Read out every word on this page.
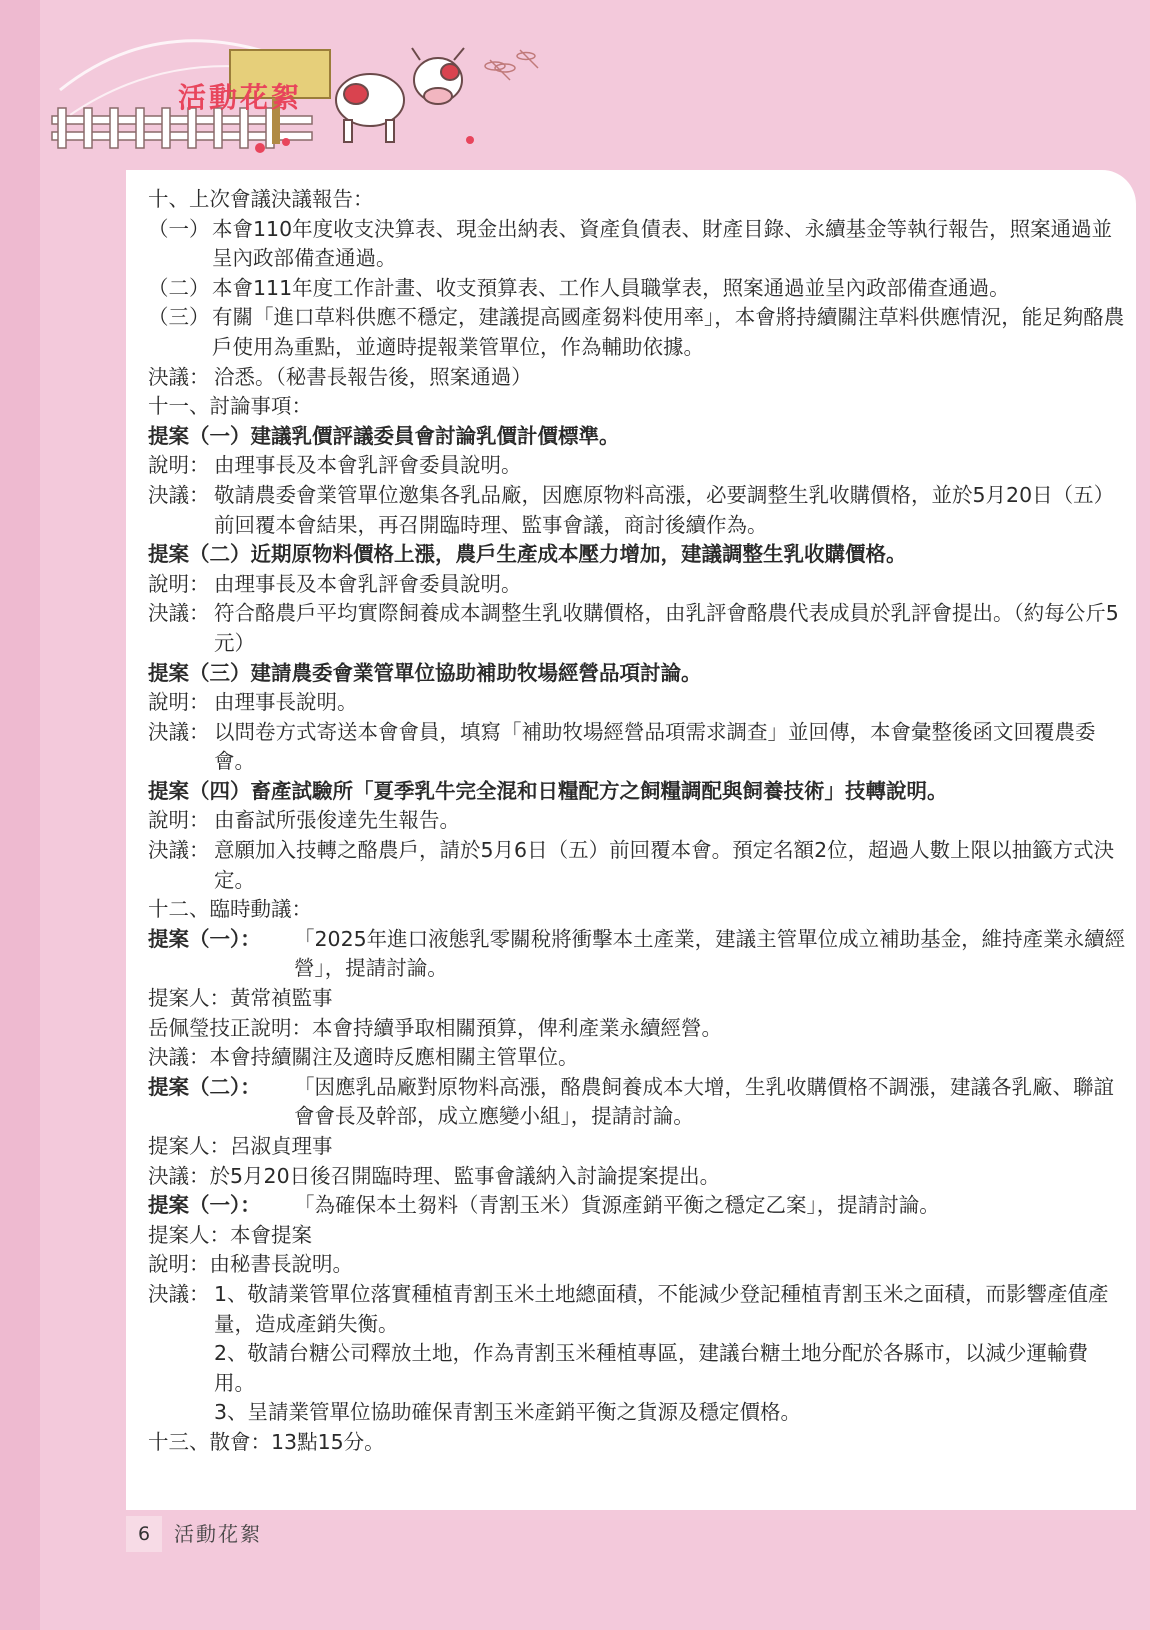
活動花絮
十、上次會議決議報告：
（一） 本會110年度收支決算表、現金出納表、資產負債表、財產目錄、永續基金等執行報告，照案通過並呈內政部備查通過。
（二） 本會111年度工作計畫、收支預算表、工作人員職掌表，照案通過並呈內政部備查通過。
（三） 有關「進口草料供應不穩定，建議提高國產芻料使用率」，本會將持續關注草料供應情況，能足夠酪農戶使用為重點，並適時提報業管單位，作為輔助依據。
決議： 洽悉。（秘書長報告後，照案通過）
十一、討論事項：
提案（一） 建議乳價評議委員會討論乳價計價標準。
說明： 由理事長及本會乳評會委員說明。
決議： 敬請農委會業管單位邀集各乳品廠，因應原物料高漲，必要調整生乳收購價格，並於5月20日（五）前回覆本會結果，再召開臨時理、監事會議，商討後續作為。
提案（二） 近期原物料價格上漲，農戶生產成本壓力增加，建議調整生乳收購價格。
說明： 由理事長及本會乳評會委員說明。
決議： 符合酪農戶平均實際飼養成本調整生乳收購價格，由乳評會酪農代表成員於乳評會提出。（約每公斤5元）
提案（三） 建請農委會業管單位協助補助牧場經營品項討論。
說明： 由理事長說明。
決議： 以問卷方式寄送本會會員，填寫「補助牧場經營品項需求調查」並回傳，本會彙整後函文回覆農委會。
提案（四） 畜產試驗所「夏季乳牛完全混和日糧配方之飼糧調配與飼養技術」技轉說明。
說明： 由畜試所張俊達先生報告。
決議： 意願加入技轉之酪農戶，請於5月6日（五）前回覆本會。預定名額2位，超過人數上限以抽籤方式決定。
十二、臨時動議：
提案（一）：	「2025年進口液態乳零關稅將衝擊本土產業，建議主管單位成立補助基金，維持產業永續經營」，提請討論。
提案人： 黃常禎監事
岳佩瑩技正說明： 本會持續爭取相關預算，俾利產業永續經營。
決議： 本會持續關注及適時反應相關主管單位。
提案（二）：	「因應乳品廠對原物料高漲，酪農飼養成本大增，生乳收購價格不調漲，建議各乳廠、聯誼會會長及幹部，成立應變小組」，提請討論。
提案人： 呂淑貞理事
決議： 於5月20日後召開臨時理、監事會議納入討論提案提出。
提案（一）：	「為確保本土芻料（青割玉米）貨源產銷平衡之穩定乙案」，提請討論。
提案人： 本會提案
說明： 由秘書長說明。
決議： 1、敬請業管單位落實種植青割玉米土地總面積，不能減少登記種植青割玉米之面積，而影響產值產量，造成產銷失衡。
2、敬請台糖公司釋放土地，作為青割玉米種植專區，建議台糖土地分配於各縣市，以減少運輸費用。
3、呈請業管單位協助確保青割玉米產銷平衡之貨源及穩定價格。
十三、散會：13點15分。
6	活動花絮
